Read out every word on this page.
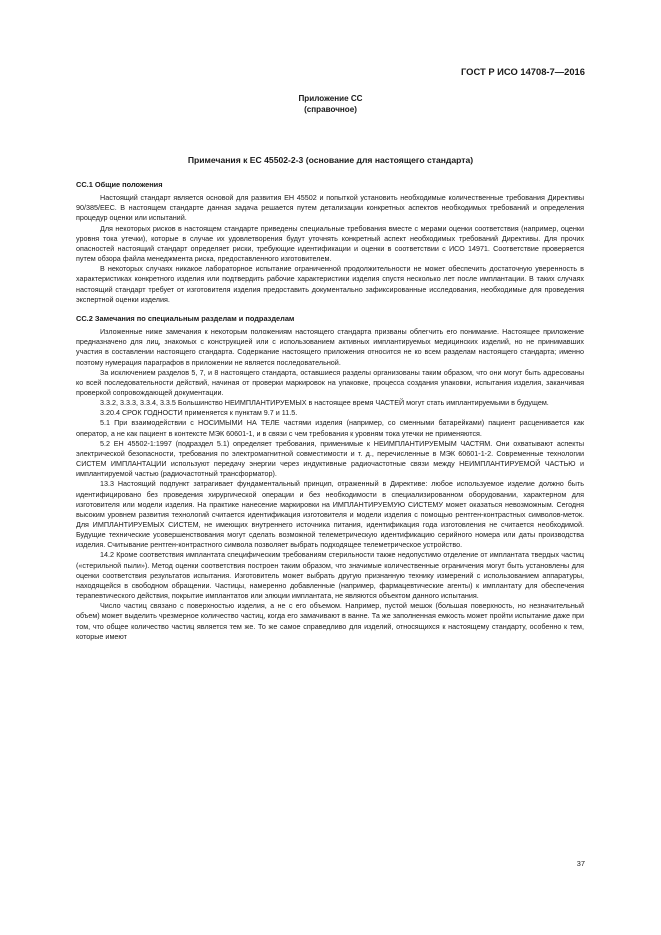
ГОСТ Р ИСО 14708-7—2016
Приложение СС
(справочное)
Примечания к ЕС 45502-2-3 (основание для настоящего стандарта)
СС.1 Общие положения

Настоящий стандарт является основой для развития ЕН 45502 и попыткой установить необходимые количественные требования Директивы 90/385/ЕЕС. В настоящем стандарте данная задача решается путем детализации конкретных аспектов необходимых требований и определения процедур оценки или испытаний.

Для некоторых рисков в настоящем стандарте приведены специальные требования вместе с мерами оценки соответствия (например, оценки уровня тока утечки), которые в случае их удовлетворения будут уточнять конкретный аспект необходимых требований Директивы. Для прочих опасностей настоящий стандарт определяет риски, требующие идентификации и оценки в соответствии с ИСО 14971. Соответствие проверяется путем обзора файла менеджмента риска, предоставленного изготовителем.

В некоторых случаях никакое лабораторное испытание ограниченной продолжительности не может обеспечить достаточную уверенность в характеристиках конкретного изделия или подтвердить рабочие характеристики изделия спустя несколько лет после имплантации. В таких случаях настоящий стандарт требует от изготовителя изделия предоставить документально зафиксированные исследования, необходимые для проведения экспертной оценки изделия.

СС.2 Замечания по специальным разделам и подразделам

Изложенные ниже замечания к некоторым положениям настоящего стандарта призваны облегчить его понимание. Настоящее приложение предназначено для лиц, знакомых с конструкцией или с использованием активных имплантируемых медицинских изделий, но не принимавших участия в составлении настоящего стандарта. Содержание настоящего приложения относится не ко всем разделам настоящего стандарта; именно поэтому нумерация параграфов в приложении не является последовательной.

За исключением разделов 5, 7, и 8 настоящего стандарта, оставшиеся разделы организованы таким образом, что они могут быть адресованы ко всей последовательности действий, начиная от проверки маркировок на упаковке, процесса создания упаковки, испытания изделия, заканчивая проверкой сопровождающей документации.

3.3.2, 3.3.3, 3.3.4, 3.3.5 Большинство НЕИМПЛАНТИРУЕМЫХ в настоящее время ЧАСТЕЙ могут стать имплантируемыми в будущем.

3.20.4 СРОК ГОДНОСТИ применяется к пунктам 9.7 и 11.5.

5.1 При взаимодействии с НОСИМЫМИ НА ТЕЛЕ частями изделия (например, со сменными батарейками) пациент расценивается как оператор, а не как пациент в контексте МЭК 60601-1, и в связи с чем требования к уровням тока утечки не применяются.

5.2 ЕН 45502-1:1997 (подраздел 5.1) определяет требования, применимые к НЕИМПЛАНТИРУЕМЫМ ЧАСТЯМ. Они охватывают аспекты электрической безопасности, требования по электромагнитной совместимости и т. д., перечисленные в МЭК 60601-1-2. Современные технологии СИСТЕМ ИМПЛАНТАЦИИ используют передачу энергии через индуктивные радиочастотные связи между НЕИМПЛАНТИРУЕМОЙ ЧАСТЬЮ и имплантируемой частью (радиочастотный трансформатор).

13.3 Настоящий подпункт затрагивает фундаментальный принцип, отраженный в Директиве: любое используемое изделие должно быть идентифицировано без проведения хирургической операции и без необходимости в специализированном оборудовании, характерном для изготовителя или модели изделия. На практике нанесение маркировки на ИМПЛАНТИРУЕМУЮ СИСТЕМУ может оказаться невозможным. Сегодня высоким уровнем развития технологий считается идентификация изготовителя и модели изделия с помощью рентген-контрастных символов-меток. Для ИМПЛАНТИРУЕМЫХ СИСТЕМ, не имеющих внутреннего источника питания, идентификация года изготовления не считается необходимой. Будущие технические усовершенствования могут сделать возможной телеметрическую идентификацию серийного номера или даты производства изделия. Считывание рентген-контрастного символа позволяет выбрать подходящее телеметрическое устройство.

14.2 Кроме соответствия имплантата специфическим требованиям стерильности также недопустимо отделение от имплантата твердых частиц («стерильной пыли»). Метод оценки соответствия построен таким образом, что значимые количественные ограничения могут быть установлены для оценки соответствия результатов испытания. Изготовитель может выбрать другую признанную технику измерений с использованием аппаратуры, находящейся в свободном обращении. Частицы, намеренно добавленные (например, фармацевтические агенты) к имплантату для обеспечения терапевтического действия, покрытие имплантатов или элюции имплантата, не являются объектом данного испытания.

Число частиц связано с поверхностью изделия, а не с его объемом. Например, пустой мешок (большая поверхность, но незначительный объем) может выделить чрезмерное количество частиц, когда его замачивают в ванне. Та же заполненная емкость может пройти испытание даже при том, что общее количество частиц является тем же. То же самое справедливо для изделий, относящихся к настоящему стандарту, особенно к тем, которые имеют

37
